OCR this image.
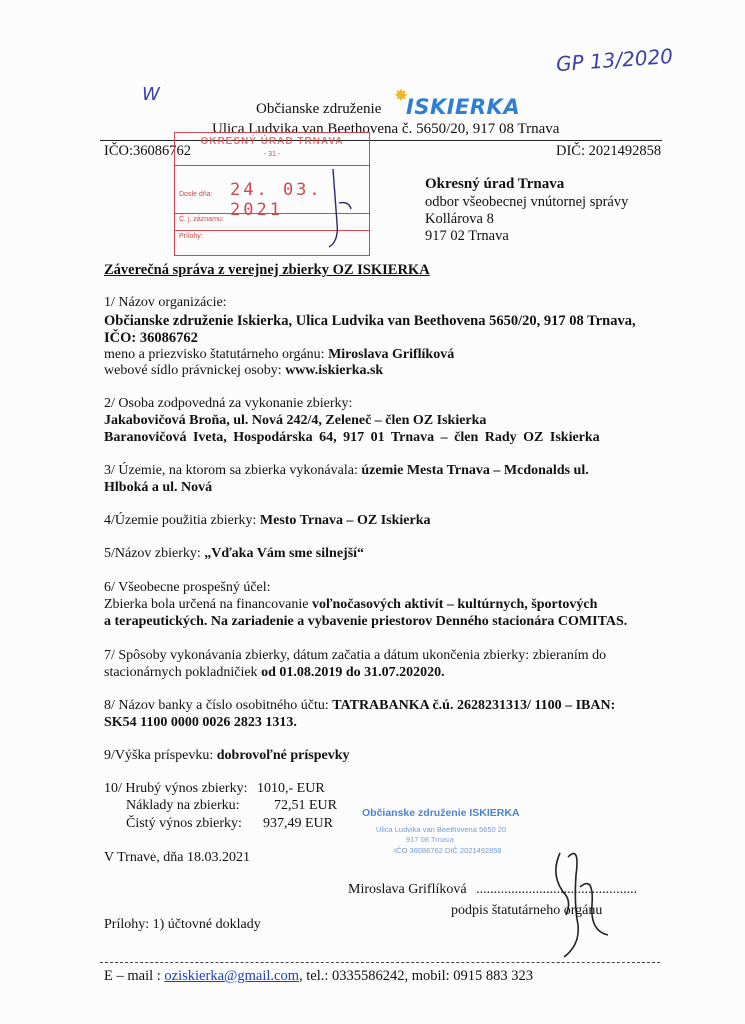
GP 13/2020
W
Občianske združenie
✸
ISKIERKA
Ulica Ludvika van Beethovena č. 5650/20, 917 08 Trnava
IČO:36086762	DIČ: 2021492858
OKRESNÝ ÚRAD TRNAVA
- 31 -
Dosle dňa: 24. 03. 2021
Č. j. záznamu:
Prílohy:
Okresný úrad Trnava
odbor všeobecnej vnútornej správy
Kollárova 8
917 02 Trnava
Záverečná správa z verejnej zbierky OZ ISKIERKA
1/ Názov organizácie:
Občianske združenie Iskierka, Ulica Ludvika van Beethovena 5650/20, 917 08 Trnava,
IČO: 36086762
meno a priezvisko štatutárneho orgánu: Miroslava Griflíková
webové sídlo právnickej osoby: www.iskierka.sk
2/ Osoba zodpovedná za vykonanie zbierky:
Jakabovičová Broňa, ul. Nová 242/4, Zeleneč – člen OZ Iskierka
Baranovičová Iveta, Hospodárska 64, 917 01 Trnava – člen Rady OZ Iskierka
3/ Územie, na ktorom sa zbierka vykonávala: územie Mesta Trnava – Mcdonalds ul.
Hlboká a ul. Nová
4/Územie použitia zbierky: Mesto Trnava – OZ Iskierka
5/Názov zbierky: „Vďaka Vám sme silnejší“
6/ Všeobecne prospešný účel:
Zbierka bola určená na financovanie voľnočasových aktivít – kultúrnych, športových
a terapeutických. Na zariadenie a vybavenie priestorov Denného stacionára COMITAS.
7/ Spôsoby vykonávania zbierky, dátum začatia a dátum ukončenia zbierky: zbieraním do
stacionárnych pokladničiek od 01.08.2019 do 31.07.202020.
8/ Názov banky a číslo osobitného účtu: TATRABANKA č.ú. 2628231313/ 1100 – IBAN:
SK54 1100 0000 0026 2823 1313.
9/Výška príspevku: dobrovoľné príspevky
10/ Hrubý výnos zbierky: 1010,- EUR
Náklady na zbierku: 72,51 EUR
Čistý výnos zbierky: 937,49 EUR
Občianske združenie ISKIERKA
Ulica Ludvika van Beethovena 5650 20
917 08 Trnava
IČO 36086762 DIČ 2021492858
V Trnave, dňa 18.03.2021
Miroslava Griflíková ..............................................
podpis štatutárneho orgánu
Prílohy: 1) účtovné doklady
E – mail : oziskierka@gmail.com, tel.: 0335586242, mobil: 0915 883 323
